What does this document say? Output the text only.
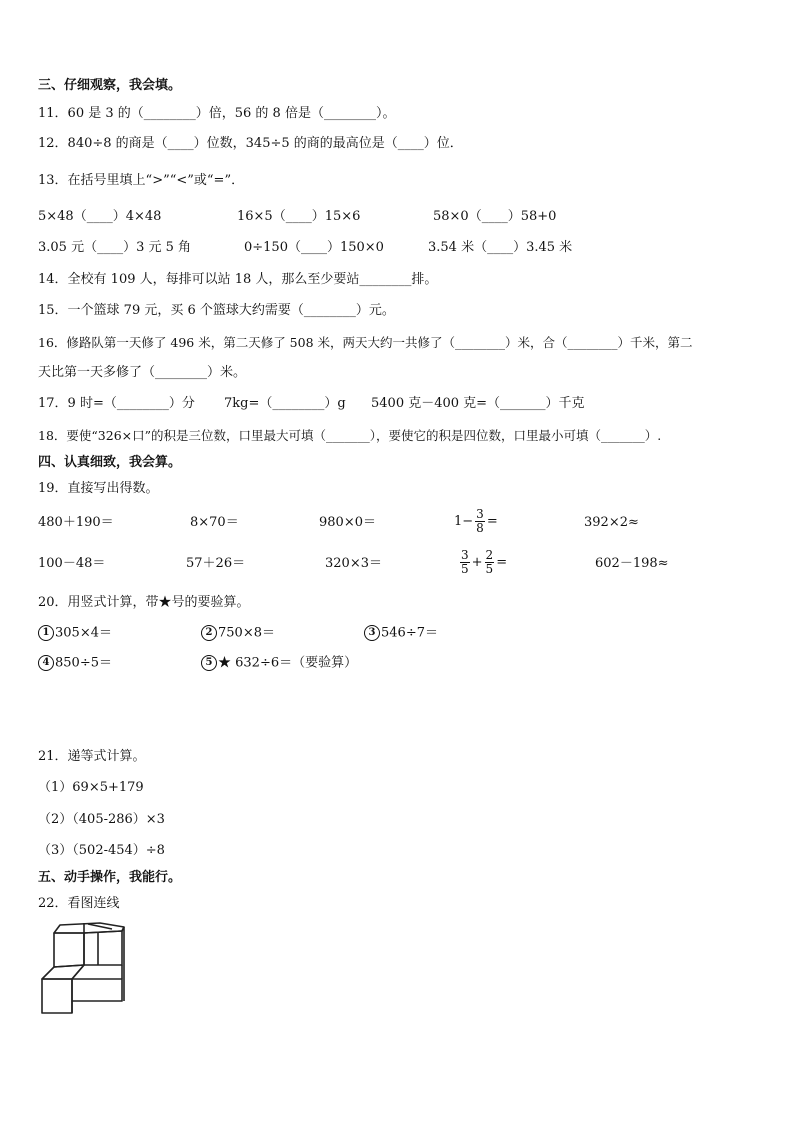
三、仔细观察，我会填。
11．60 是 3 的（________）倍，56 的 8 倍是（________）。
12．840÷8 的商是（____）位数，345÷5 的商的最高位是（____）位．
13．在括号里填上“>”“<”或“=”．
5×48（____）4×48	16×5（____）15×6	58×0（____）58+0
3.05 元（____）3 元 5 角	0÷150（____）150×0	3.54 米（____）3.45 米
14．全校有 109 人，每排可以站 18 人，那么至少要站________排。
15．一个篮球 79 元，买 6 个篮球大约需要（________）元。
16．修路队第一天修了 496 米，第二天修了 508 米，两天大约一共修了（________）米，合（________）千米，第二
天比第一天多修了（________）米。
17．9 时=（________）分 7kg=（________）g 5400 克－400 克=（_______）千克
18．要使“326×口”的积是三位数，口里最大可填（_______），要使它的积是四位数，口里最小可填（_______）.
四、认真细致，我会算。
19．直接写出得数。
480＋190＝	8×70＝	980×0＝	$1- \frac{3}{8}$ =	392×2≈
100－48＝	57＋26＝	320×3＝	$\frac{3}{5} + \frac{2}{5}$ =	602－198≈
20．用竖式计算，带★号的要验算。
1 305×4＝	2 750×8＝	3 546÷7＝
4 850÷5＝	5 ★ 632÷6＝（要验算）
21．递等式计算。
（1）69×5+179
（2）（405-286）×3
（3）（502-454）÷8
五、动手操作，我能行。
22．看图连线
